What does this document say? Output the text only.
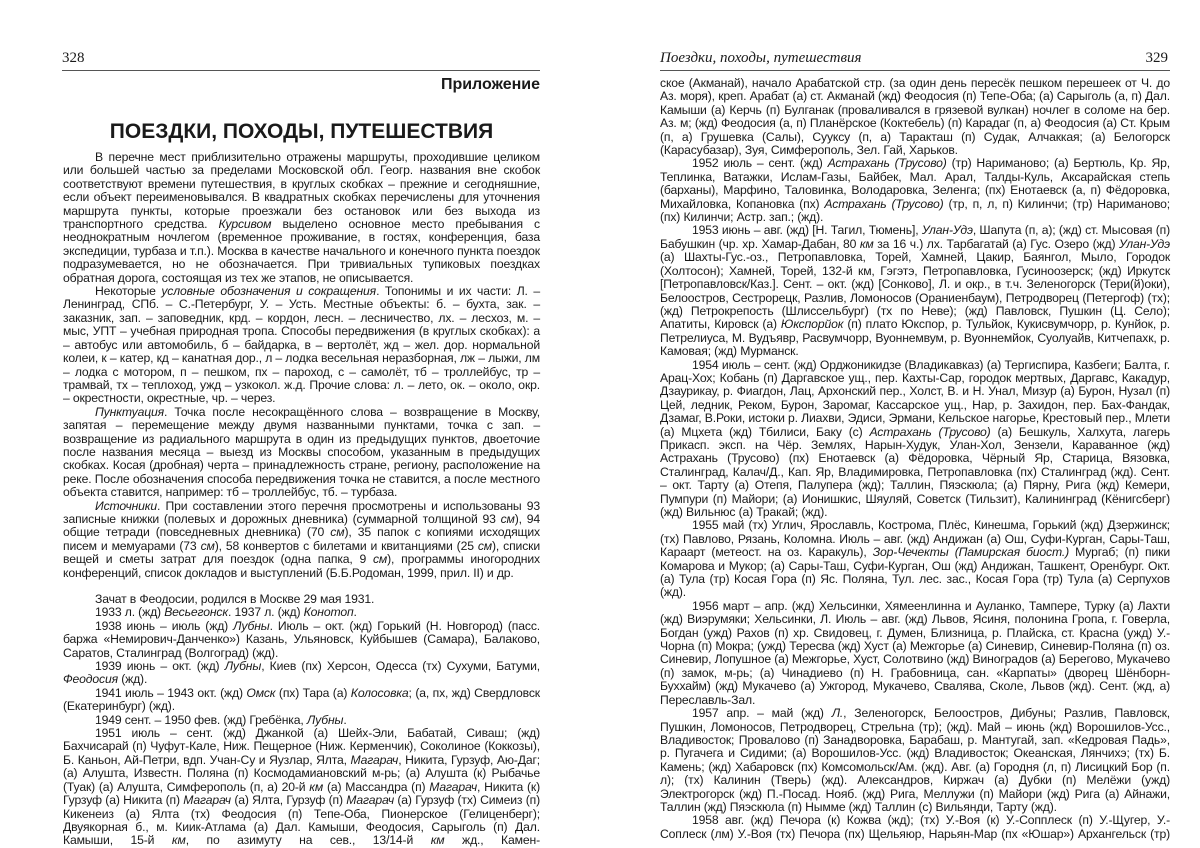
328
Приложение
ПОЕЗДКИ, ПОХОДЫ, ПУТЕШЕСТВИЯ

В перечне мест приблизительно отражены маршруты, проходившие целиком или большей частью за пределами Московской обл. Геогр. названия вне скобок соответствуют времени путешествия, в круглых скобках – прежние и сегодняшние, если объект переименовывался. В квадратных скобках перечислены для уточнения маршрута пункты, которые проезжали без остановок или без выхода из транспортного средства. Курсивом выделено основное место пребывания с неоднократным ночлегом (временное проживание, в гостях, конференция, база экспедиции, турбаза и т.п.). Москва в качестве начального и конечного пункта поездок подразумевается, но не обозначается. При тривиальных тупиковых поездках обратная дорога, состоящая из тех же этапов, не описывается.

Некоторые условные обозначения и сокращения. Топонимы и их части: Л. – Ленинград, СПб. – С.-Петербург, У. – Усть. Местные объекты: б. – бухта, зак. – заказник, зап. – заповедник, крд. – кордон, лесн. – лесничество, лх. – лесхоз, м. – мыс, УПТ – учебная природная тропа. Способы передвижения (в круглых скобках): а – автобус или автомобиль, б – байдарка, в – вертолёт, жд – жел. дор. нормальной колеи, к – катер, кд – канатная дор., л – лодка весельная неразборная, лж – лыжи, лм – лодка с мотором, п – пешком, пх – пароход, с – самолёт, тб – троллейбус, тр – трамвай, тх – теплоход, ужд – узкокол. ж.д. Прочие слова: л. – лето, ок. – около, окр. – окрестности, окрестные, чр. – через.

Пунктуация. Точка после несокращённого слова – возвращение в Москву, запятая – перемещение между двумя названными пунктами, точка с зап. – возвращение из радиального маршрута в один из предыдущих пунктов, двоеточие после названия месяца – выезд из Москвы способом, указанным в предыдущих скобках. Косая (дробная) черта – принадлежность стране, региону, расположение на реке. После обозначения способа передвижения точка не ставится, а после местного объекта ставится, например: тб – троллейбус, тб. – турбаза.

Источники. При составлении этого перечня просмотрены и использованы 93 записные книжки (полевых и дорожных дневника) (суммарной толщиной 93 см), 94 общие тетради (повседневных дневника) (70 см), 35 папок с копиями исходящих писем и мемуарами (73 см), 58 конвертов с билетами и квитанциями (25 см), списки вещей и сметы затрат для поездок (одна папка, 9 см), программы иногородних конференций, список докладов и выступлений (Б.Б.Родоман, 1999, прил. II) и др.

Зачат в Феодосии, родился в Москве 29 мая 1931.

1933 л. (жд) Весьегонск. 1937 л. (жд) Конотоп.

1938 июнь – июль (жд) Лубны. Июль – окт. (жд) Горький (Н. Новгород) (пасс. баржа «Немирович-Данченко») Казань, Ульяновск, Куйбышев (Самара), Балаково, Саратов, Сталинград (Волгоград) (жд).

1939 июнь – окт. (жд) Лубны, Киев (пх) Херсон, Одесса (тх) Сухуми, Батуми, Феодосия (жд).

1941 июль – 1943 окт. (жд) Омск (пх) Тара (а) Колосовка; (а, пх, жд) Свердловск (Екатеринбург) (жд).

1949 сент. – 1950 фев. (жд) Гребёнка, Лубны.

1951 июль – сент. (жд) Джанкой (а) Шейх-Эли, Бабатай, Сиваш; (жд) Бахчисарай (п) Чуфут-Кале, Ниж. Пещерное (Ниж. Керменчик), Соколиное (Коккозы), Б. Каньон, Ай-Петри, вдп. Учан-Су и Яузлар, Ялта, Магарач, Никита, Гурзуф, Аю-Даг; (а) Алушта, Известн. Поляна (п) Космодамиановский м-рь; (а) Алушта (к) Рыбачье (Туак) (а) Алушта, Симферополь (п, а) 20-й км (а) Массандра (п) Магарач, Никита (к) Гурзуф (а) Никита (п) Магарач (а) Ялта, Гурзуф (п) Магарач (а) Гурзуф (тх) Симеиз (п) Кикенеиз (а) Ялта (тх) Феодосия (п) Тепе-Оба, Пионерское (Гелиценберг); Двуякорная б., м. Киик-Атлама (а) Дал. Камыши, Феодосия, Сарыголь (п) Дал. Камыши, 15-й км, по азимуту на сев., 13/14-й км жд., Камен-

Поездки, походы, путешествия	329

ское (Акманай), начало Арабатской стр. (за один день пересёк пешком перешеек от Ч. до Аз. моря), креп. Арабат (а) ст. Акманай (жд) Феодосия (п) Тепе-Оба; (а) Сарыголь (а, п) Дал. Камыши (а) Керчь (п) Булганак (проваливался в грязевой вулкан) ночлег в соломе на бер. Аз. м; (жд) Феодосия (а, п) Планёрское (Коктебель) (п) Карадаг (п, а) Феодосия (а) Ст. Крым (п, а) Грушевка (Салы), Сууксу (п, а) Таракташ (п) Судак, Алчаккая; (а) Белогорск (Карасубазар), Зуя, Симферополь, Зел. Гай, Харьков.

1952 июль – сент. (жд) Астрахань (Трусово) (тр) Нариманово; (а) Бертюль, Кр. Яр, Теплинка, Ватажки, Ислам-Газы, Байбек, Мал. Арал, Талды-Куль, Аксарайская степь (барханы), Марфино, Таловинка, Володаровка, Зеленга; (пх) Енотаевск (а, п) Фёдоровка, Михайловка, Копановка (пх) Астрахань (Трусово) (тр, п, л, п) Килинчи; (тр) Нариманово; (пх) Килинчи; Астр. зап.; (жд).

1953 июнь – авг. (жд) [Н. Тагил, Тюмень], Улан-Удэ, Шапута (п, а); (жд) ст. Мысовая (п) Бабушкин (чр. хр. Хамар-Дабан, 80 км за 16 ч.) лх. Тарбагатай (а) Гус. Озеро (жд) Улан-Удэ (а) Шахты-Гус.-оз., Петропавловка, Торей, Хамней, Цакир, Баянгол, Мыло, Городок (Холтосон); Хамней, Торей, 132-й км, Гэгэтэ, Петропавловка, Гусиноозерск; (жд) Иркутск [Петропавловск/Каз.]. Сент. – окт. (жд) [Сонково], Л. и окр., в т.ч. Зеленогорск (Тери(й)оки), Белоостров, Сестрорецк, Разлив, Ломоносов (Ораниенбаум), Петродворец (Петергоф) (тх); (жд) Петрокрепость (Шлиссельбург) (тх по Неве); (жд) Павловск, Пушкин (Ц. Село); Апатиты, Кировск (а) Юкспорйок (п) плато Юкспор, р. Тульйок, Кукисвумчорр, р. Кунйок, р. Петрелиуса, М. Вудъявр, Расвумчорр, Вуоннемвум, р. Вуоннемйок, Суолуайв, Китчепахк, р. Камовая; (жд) Мурманск.

1954 июль – сент. (жд) Орджоникидзе (Владикавказ) (а) Тергиспира, Казбеги; Балта, г. Арац-Хох; Кобань (п) Даргавское ущ., пер. Кахты-Сар, городок мертвых, Даргавс, Какадур, Дзаурикау, р. Фиагдон, Лац, Архонский пер., Холст, В. и Н. Унал, Мизур (а) Бурон, Нузал (п) Цей, ледник, Реком, Бурон, Заромаг, Кассарское ущ., Нар, р. Захидон, пер. Бах-Фандак, Дзамаг, В.Роки, истоки р. Лиахви, Эдиси, Эрмани, Кельское нагорье, Крестовый пер., Млети (а) Мцхета (жд) Тбилиси, Баку (с) Астрахань (Трусово) (а) Бешкуль, Халхута, лагерь Прикасп. эксп. на Чёр. Землях, Нарын-Худук, Улан-Хол, Зензели, Караванное (жд) Астрахань (Трусово) (пх) Енотаевск (а) Фёдоровка, Чёрный Яр, Старица, Вязовка, Сталинград, Калач/Д., Кап. Яр, Владимировка, Петропавловка (пх) Сталинград (жд). Сент. – окт. Тарту (а) Отепя, Палупера (жд); Таллин, Пяэскюла; (а) Пярну, Рига (жд) Кемери, Пумпури (п) Майори; (а) Ионишкис, Шяуляй, Советск (Тильзит), Калининград (Кёнигсберг) (жд) Вильнюс (а) Тракай; (жд).

1955 май (тх) Углич, Ярославль, Кострома, Плёс, Кинешма, Горький (жд) Дзержинск; (тх) Павлово, Рязань, Коломна. Июль – авг. (жд) Андижан (а) Ош, Суфи-Курган, Сары-Таш, Караарт (метеост. на оз. Каракуль), Зор-Чечекты (Памирская биост.) Мургаб; (п) пики Комарова и Мукор; (а) Сары-Таш, Суфи-Курган, Ош (жд) Андижан, Ташкент, Оренбург. Окт. (а) Тула (тр) Косая Гора (п) Яс. Поляна, Тул. лес. зас., Косая Гора (тр) Тула (а) Серпухов (жд).

1956 март – апр. (жд) Хельсинки, Хямеенлинна и Ауланко, Тампере, Турку (а) Лахти (жд) Виэрумяки; Хельсинки, Л. Июль – авг. (жд) Львов, Ясиня, полонина Гропа, г. Говерла, Богдан (ужд) Рахов (п) хр. Свидовец, г. Думен, Близница, р. Плайска, ст. Красна (ужд) У.-Чорна (п) Мокра; (ужд) Тересва (жд) Хуст (а) Межгорье (а) Синевир, Синевир-Поляна (п) оз. Синевир, Лопушное (а) Межгорье, Хуст, Солотвино (жд) Виноградов (а) Берегово, Мукачево (п) замок, м-рь; (а) Чинадиево (п) Н. Грабовница, сан. «Карпаты» (дворец Шёнборн-Буххайм) (жд) Мукачево (а) Ужгород, Мукачево, Свалява, Сколе, Львов (жд). Сент. (жд, а) Переславль-Зал.

1957 апр. – май (жд) Л., Зеленогорск, Белоостров, Дибуны; Разлив, Павловск, Пушкин, Ломоносов, Петродворец, Стрельна (тр); (жд). Май – июнь (жд) Ворошилов-Усс., Владивосток; Провалово (п) Занадворовка, Барабаш, р. Мантугай, зап. «Кедровая Падь», р. Пугачега и Сидими; (а) Ворошилов-Усс. (жд) Владивосток; Океанская, Лянчихэ; (тх) Б. Камень; (жд) Хабаровск (пх) Комсомольск/Ам. (жд). Авг. (а) Городня (л, п) Лисицкий Бор (п. л); (тх) Калинин (Тверь) (жд). Александров, Киржач (а) Дубки (п) Мелёжи (ужд) Электрогорск (жд) П.-Посад. Нояб. (жд) Рига, Меллужи (п) Майори (жд) Рига (а) Айнажи, Таллин (жд) Пяэскюла (п) Нымме (жд) Таллин (с) Вильянди, Тарту (жд).

1958 авг. (жд) Печора (к) Кожва (жд); (тх) У.-Воя (к) У.-Сопплеск (п) У.-Щугер, У.-Соплеск (лм) У.-Воя (тх) Печора (пх) Щельяюр, Нарьян-Мар (пх «Юшар») Архангельск (тр)
